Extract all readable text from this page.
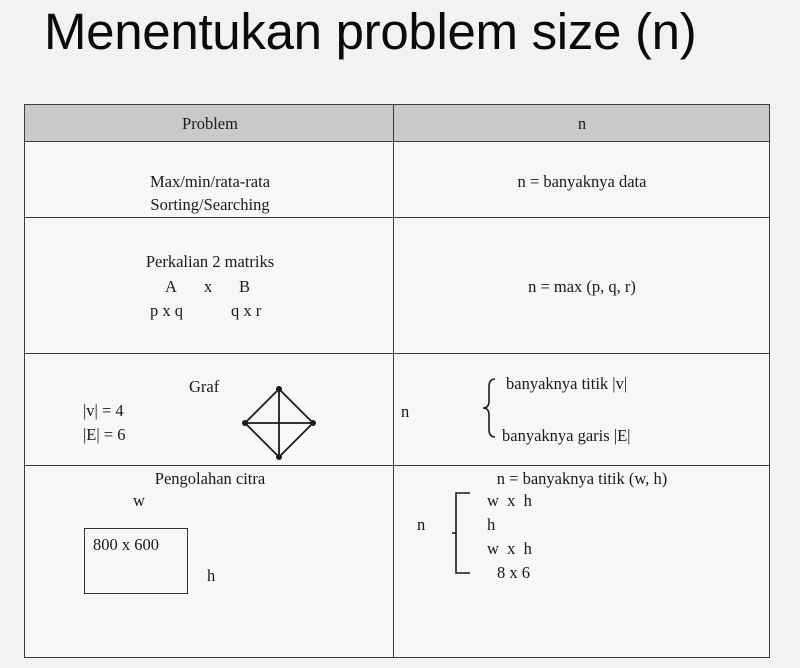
Menentukan problem size (n)
Problem	n
Max/min/rata-rata
Sorting/Searching
n = banyaknya data
Perkalian 2 matriks
A x B
p x q	q x r
n = max (p, q, r)
Graf
|v| = 4
|E| = 6
n
banyaknya titik |v|
banyaknya garis |E|
Pengolahan citra
w
800 x 600
h
n = banyaknya titik (w, h)
n
w  x  h
h
w  x  h
8 x 6
